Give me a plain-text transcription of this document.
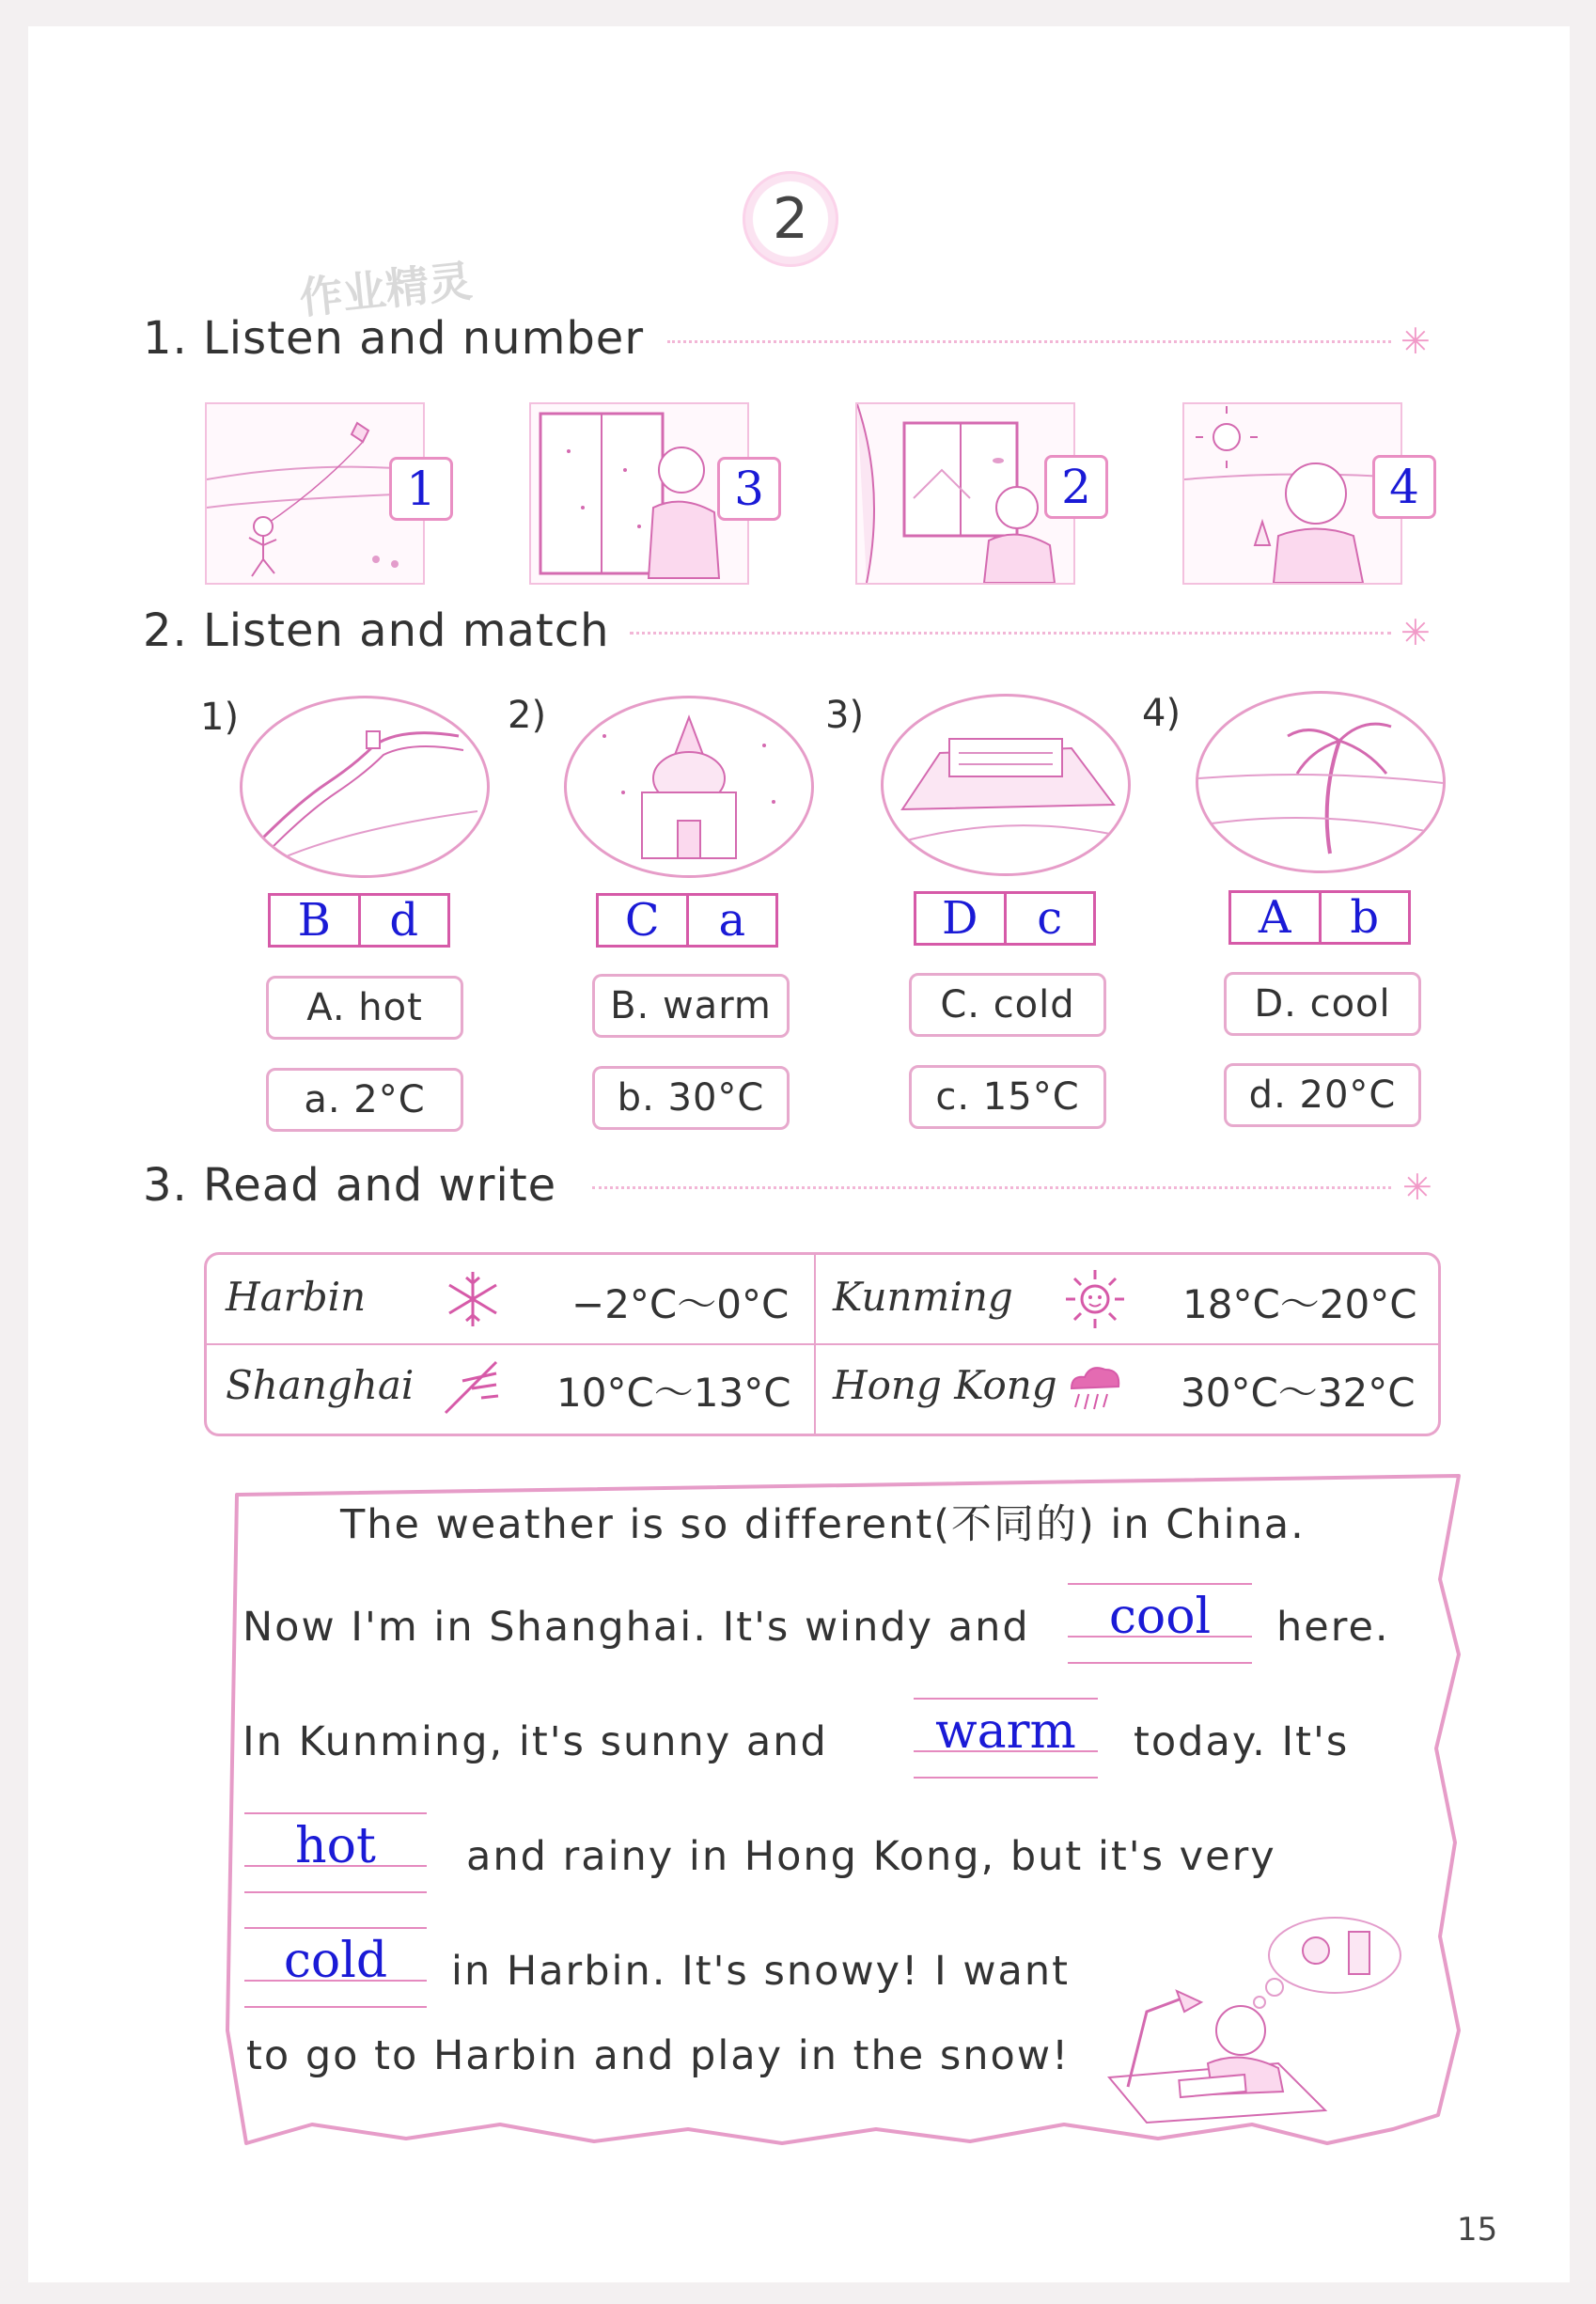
2
作业精灵
1. Listen and number	✳
1	3	2	4
2. Listen and match	✳
1)	2)	3)	4)
B	d	C	a	D	c	A	b
A. hot	B. warm	C. cold	D. cool
a. 2°C	b. 30°C	c. 15°C	d. 20°C
3. Read and write	✳
Harbin	−2°C～0°C Kunming	18°C～20°C
Shanghai	10°C～13°C Hong Kong	30°C～32°C
The weather is so different(不同的) in China.
Now I'm in Shanghai. It's windy and	cool	here.
In Kunming, it's sunny and	warm	today. It's
hot	and rainy in Hong Kong, but it's very
cold	in Harbin. It's snowy! I want
to go to Harbin and play in the snow!
15
